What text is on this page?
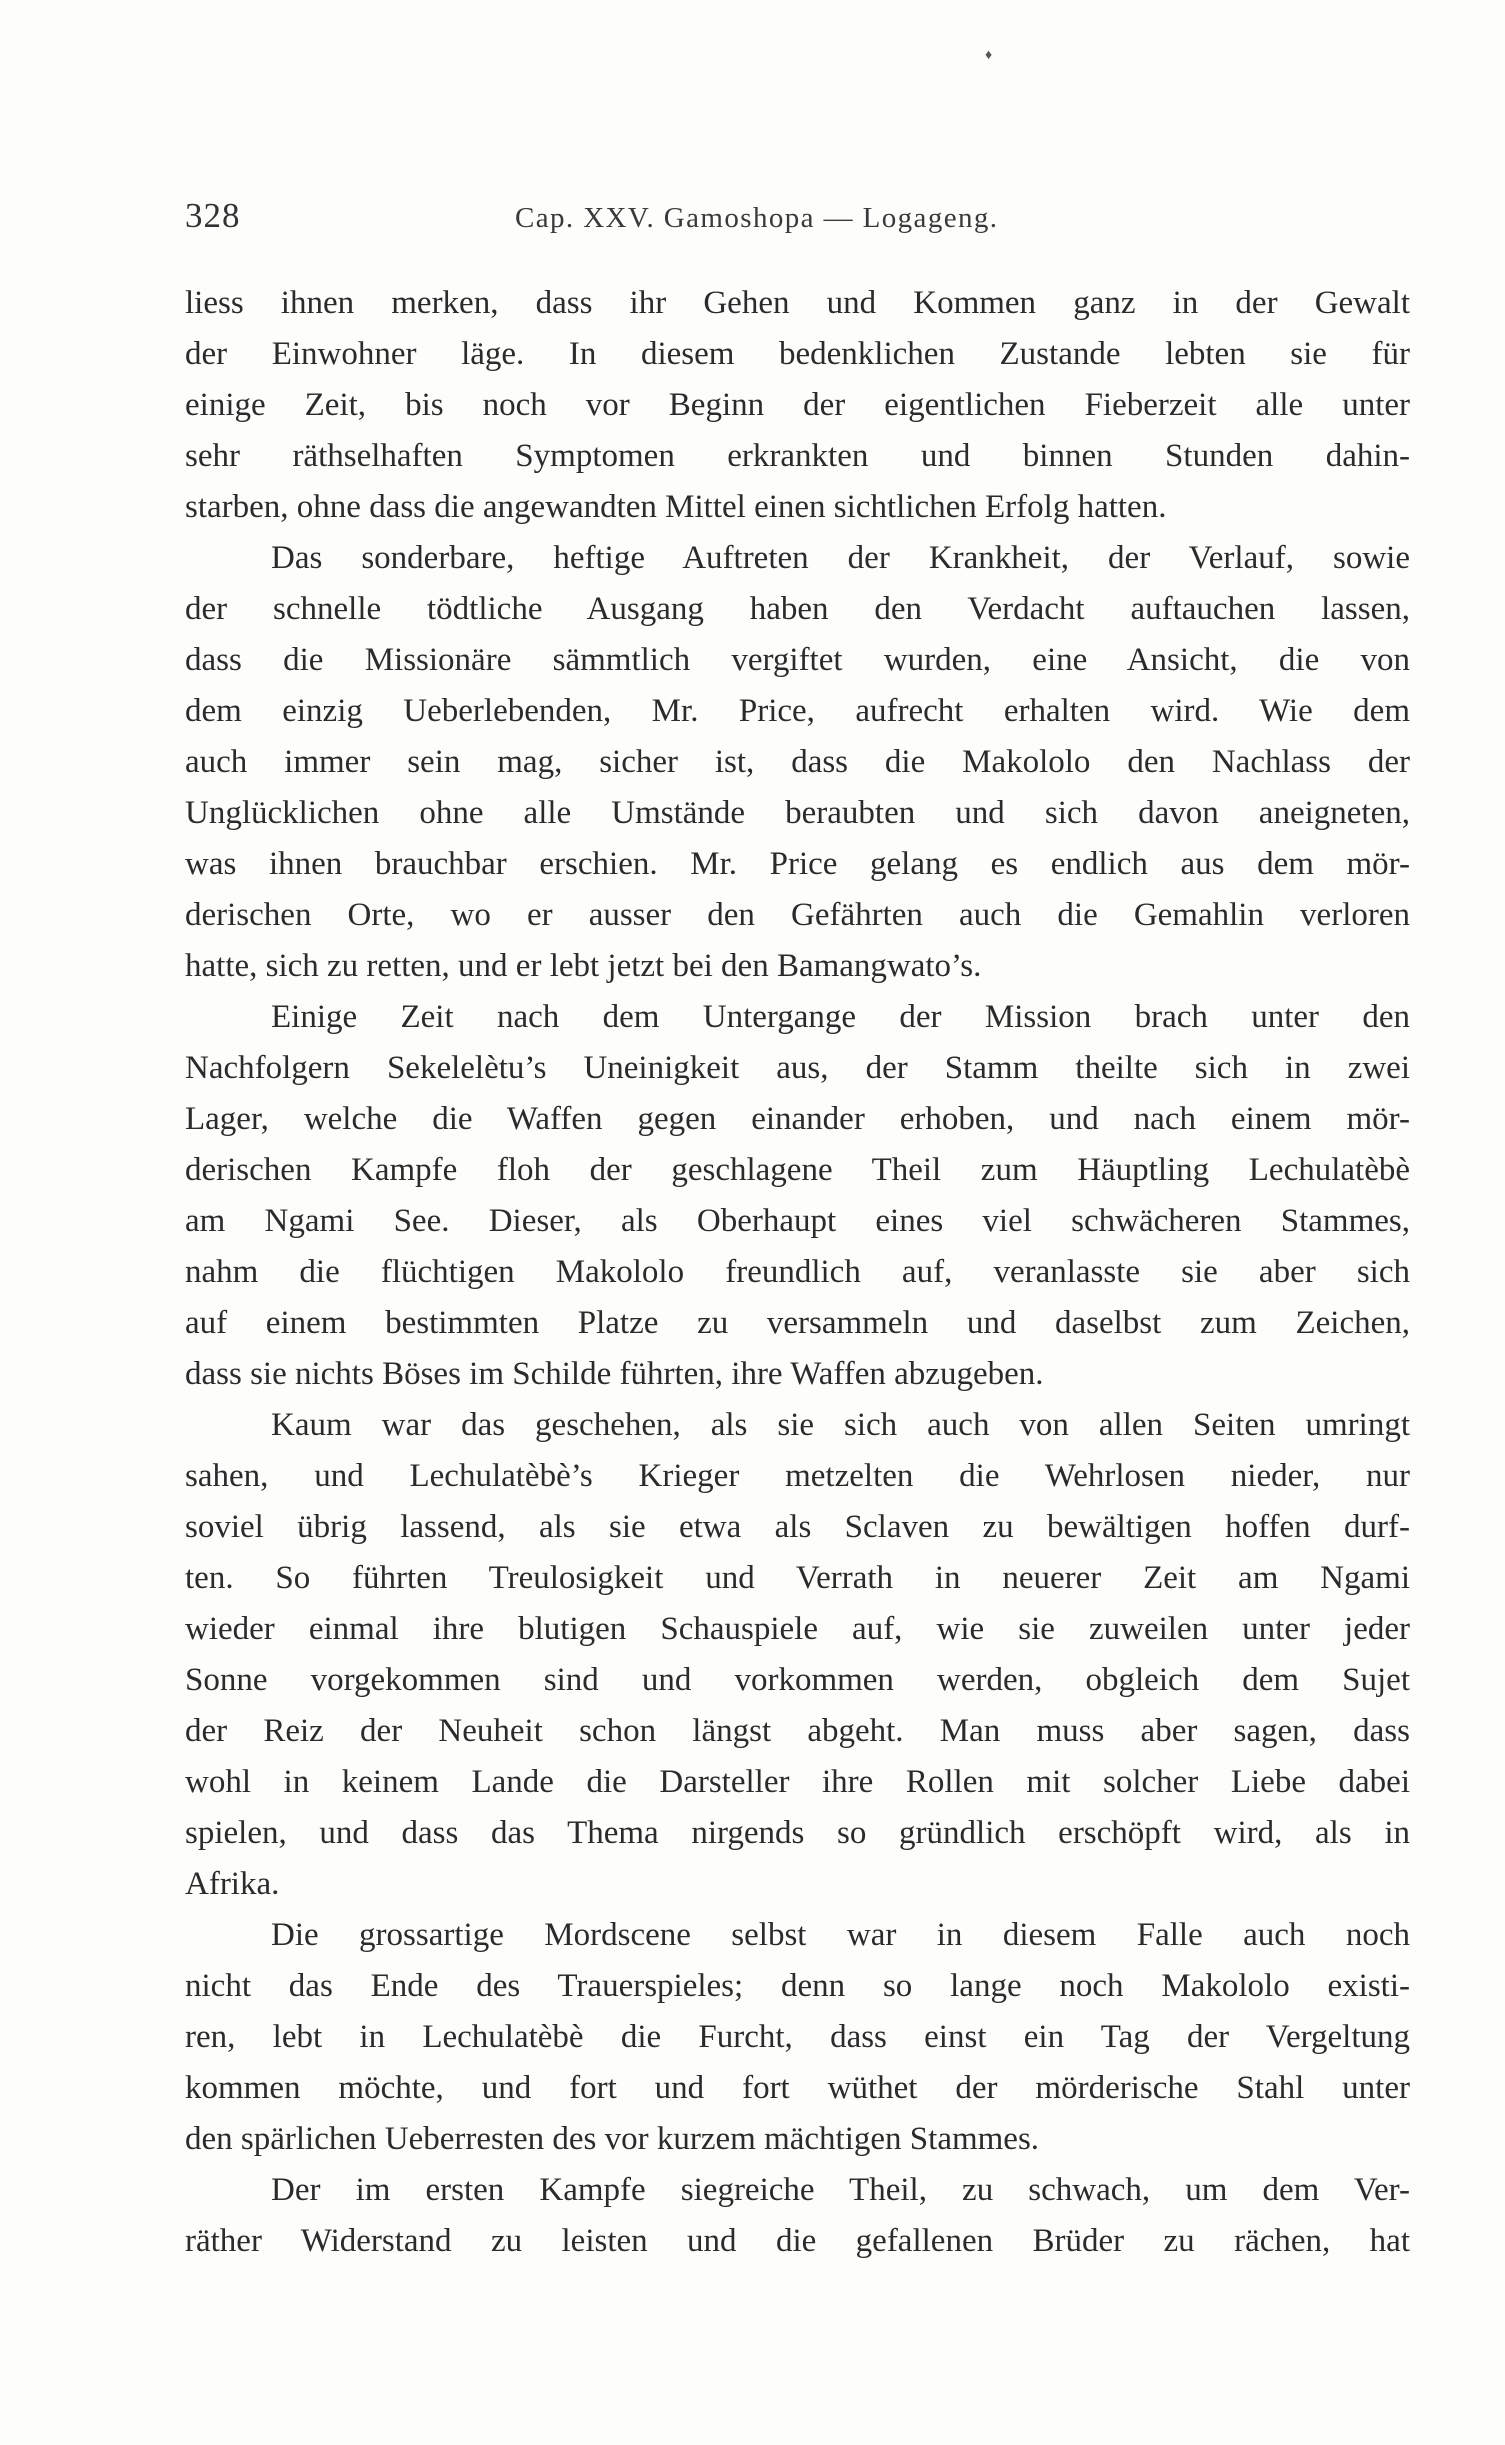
♦
328	Cap. XXV. Gamoshopa — Logageng.
liess ihnen merken, dass ihr Gehen und Kommen ganz in der Gewalt
der Einwohner läge. In diesem bedenklichen Zustande lebten sie für
einige Zeit, bis noch vor Beginn der eigentlichen Fieberzeit alle unter
sehr räthselhaften Symptomen erkrankten und binnen Stunden dahin-
starben, ohne dass die angewandten Mittel einen sichtlichen Erfolg hatten.
Das sonderbare, heftige Auftreten der Krankheit, der Verlauf, sowie
der schnelle tödtliche Ausgang haben den Verdacht auftauchen lassen,
dass die Missionäre sämmtlich vergiftet wurden, eine Ansicht, die von
dem einzig Ueberlebenden, Mr. Price, aufrecht erhalten wird. Wie dem
auch immer sein mag, sicher ist, dass die Makololo den Nachlass der
Unglücklichen ohne alle Umstände beraubten und sich davon aneigneten,
was ihnen brauchbar erschien. Mr. Price gelang es endlich aus dem mör-
derischen Orte, wo er ausser den Gefährten auch die Gemahlin verloren
hatte, sich zu retten, und er lebt jetzt bei den Bamangwato’s.
Einige Zeit nach dem Untergange der Mission brach unter den
Nachfolgern Sekelelètu’s Uneinigkeit aus, der Stamm theilte sich in zwei
Lager, welche die Waffen gegen einander erhoben, und nach einem mör-
derischen Kampfe floh der geschlagene Theil zum Häuptling Lechulatèbè
am Ngami See. Dieser, als Oberhaupt eines viel schwächeren Stammes,
nahm die flüchtigen Makololo freundlich auf, veranlasste sie aber sich
auf einem bestimmten Platze zu versammeln und daselbst zum Zeichen,
dass sie nichts Böses im Schilde führten, ihre Waffen abzugeben.
Kaum war das geschehen, als sie sich auch von allen Seiten umringt
sahen, und Lechulatèbè’s Krieger metzelten die Wehrlosen nieder, nur
soviel übrig lassend, als sie etwa als Sclaven zu bewältigen hoffen durf-
ten. So führten Treulosigkeit und Verrath in neuerer Zeit am Ngami
wieder einmal ihre blutigen Schauspiele auf, wie sie zuweilen unter jeder
Sonne vorgekommen sind und vorkommen werden, obgleich dem Sujet
der Reiz der Neuheit schon längst abgeht. Man muss aber sagen, dass
wohl in keinem Lande die Darsteller ihre Rollen mit solcher Liebe dabei
spielen, und dass das Thema nirgends so gründlich erschöpft wird, als in
Afrika.
Die grossartige Mordscene selbst war in diesem Falle auch noch
nicht das Ende des Trauerspieles; denn so lange noch Makololo existi-
ren, lebt in Lechulatèbè die Furcht, dass einst ein Tag der Vergeltung
kommen möchte, und fort und fort wüthet der mörderische Stahl unter
den spärlichen Ueberresten des vor kurzem mächtigen Stammes.
Der im ersten Kampfe siegreiche Theil, zu schwach, um dem Ver-
räther Widerstand zu leisten und die gefallenen Brüder zu rächen, hat
